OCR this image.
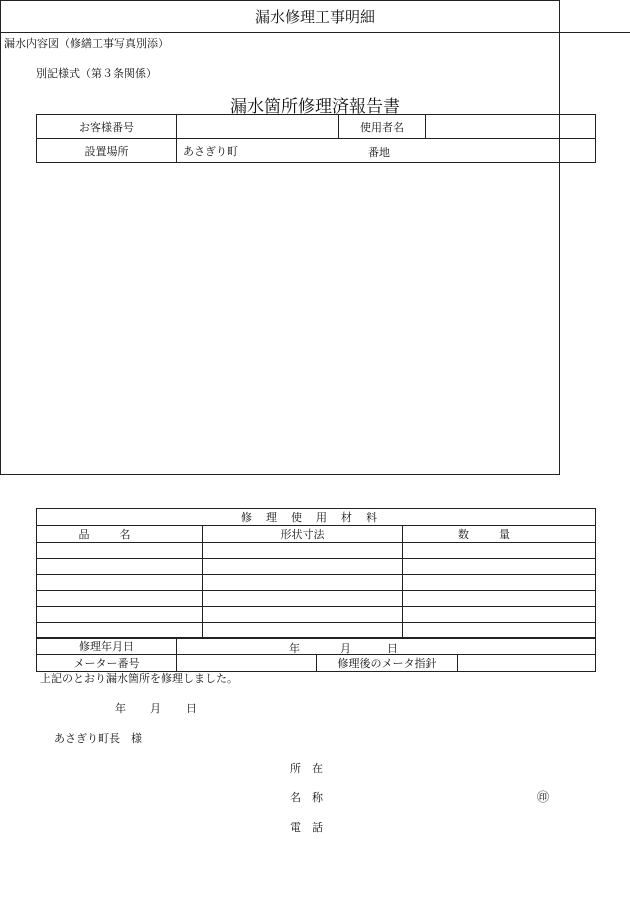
別記様式（第３条関係）
漏水箇所修理済報告書
お客様番号		使用者名	
設置場所	あさぎり町 番地		
漏水修理工事明細
漏水内容図（修繕工事写真別添）
修理使用材料		
品名	形状寸法	数量

修理年月日	年 月 日		

メーター番号		修理後のメータ指針	
上記のとおり漏水箇所を修理しました。
年 月 日
あさぎり町長　様
所　在
名　称	㊞
電　話
